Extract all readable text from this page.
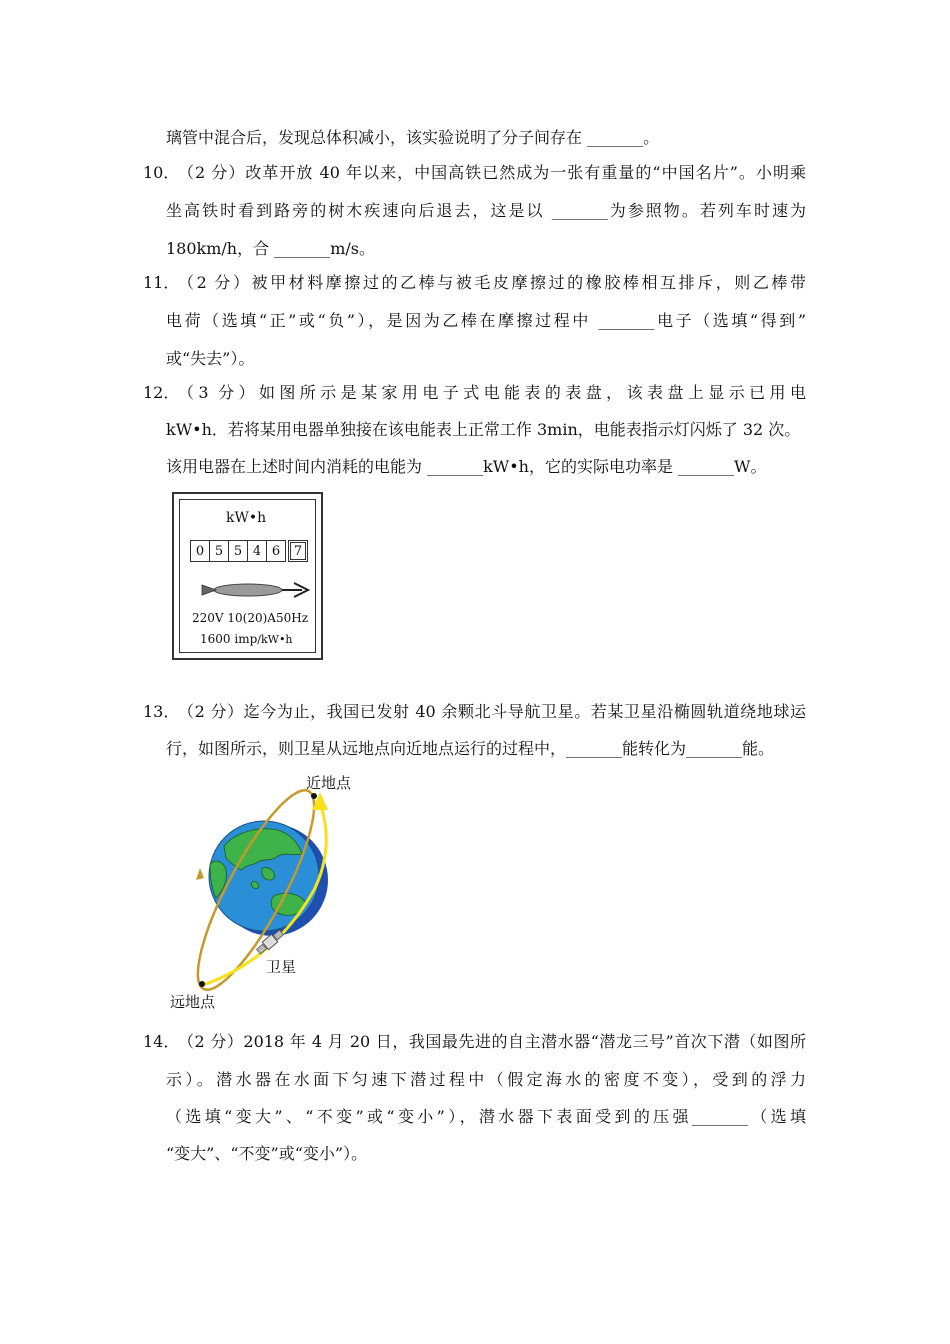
璃管中混合后，发现总体积减小，该实验说明了分子间存在 _______。
10．
（2 分）改革开放 40 年以来，中国高铁已然成为一张有重量的“中国名片”。小明乘
坐高铁时看到路旁的树木疾速向后退去，这是以 _______为参照物。若列车时速为
180km/h，合 _______m/s。
11．
（2 分）被甲材料摩擦过的乙棒与被毛皮摩擦过的橡胶棒相互排斥，则乙棒带
电荷（选填“正”或“负”），是因为乙棒在摩擦过程中 _______电子（选填“得到”
或“失去”）。
12．
（3 分）如图所示是某家用电子式电能表的表盘，该表盘上显示已用电
kW•h．若将某用电器单独接在该电能表上正常工作 3min，电能表指示灯闪烁了 32 次。
该用电器在上述时间内消耗的电能为 _______kW•h，它的实际电功率是 _______W。
kW•h
0 5 5 4 6	7
220V 10(20)A50Hz
1600 imp/kW•h
13．
（2 分）迄今为止，我国已发射 40 余颗北斗导航卫星。若某卫星沿椭圆轨道绕地球运
行，如图所示，则卫星从远地点向近地点运行的过程中，_______能转化为_______能。
近地点
卫星
远地点
14．
（2 分）2018 年 4 月 20 日，我国最先进的自主潜水器“潜龙三号”首次下潜（如图所
示）。潜水器在水面下匀速下潜过程中（假定海水的密度不变），受到的浮力
（选填“变大”、“不变”或“变小”），潜水器下表面受到的压强_______（选填
“变大”、“不变”或“变小”）。
